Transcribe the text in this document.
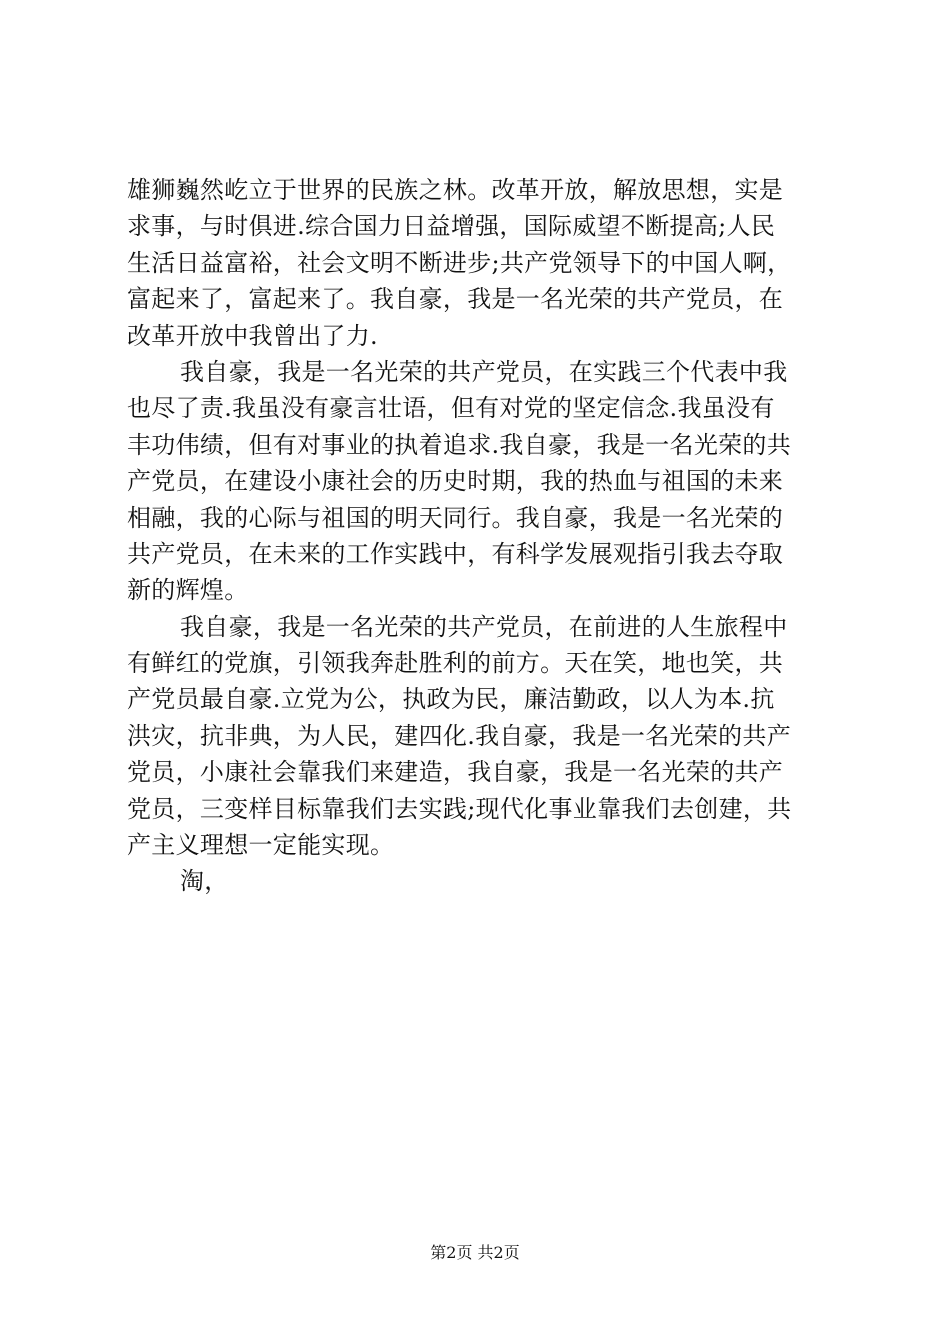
雄狮巍然屹立于世界的民族之林。改革开放，解放思想，实是
求事，与时俱进.综合国力日益增强，国际威望不断提高;人民
生活日益富裕，社会文明不断进步;共产党领导下的中国人啊，
富起来了，富起来了。我自豪，我是一名光荣的共产党员，在
改革开放中我曾出了力.
我自豪，我是一名光荣的共产党员，在实践三个代表中我
也尽了责.我虽没有豪言壮语，但有对党的坚定信念.我虽没有
丰功伟绩，但有对事业的执着追求.我自豪，我是一名光荣的共
产党员，在建设小康社会的历史时期，我的热血与祖国的未来
相融，我的心际与祖国的明天同行。我自豪，我是一名光荣的
共产党员，在未来的工作实践中，有科学发展观指引我去夺取
新的辉煌。
我自豪，我是一名光荣的共产党员，在前进的人生旅程中
有鲜红的党旗，引领我奔赴胜利的前方。天在笑，地也笑，共
产党员最自豪.立党为公，执政为民，廉洁勤政，以人为本.抗
洪灾，抗非典，为人民，建四化.我自豪，我是一名光荣的共产
党员，小康社会靠我们来建造，我自豪，我是一名光荣的共产
党员，三变样目标靠我们去实践;现代化事业靠我们去创建，共
产主义理想一定能实现。
淘，
第2页 共2页
